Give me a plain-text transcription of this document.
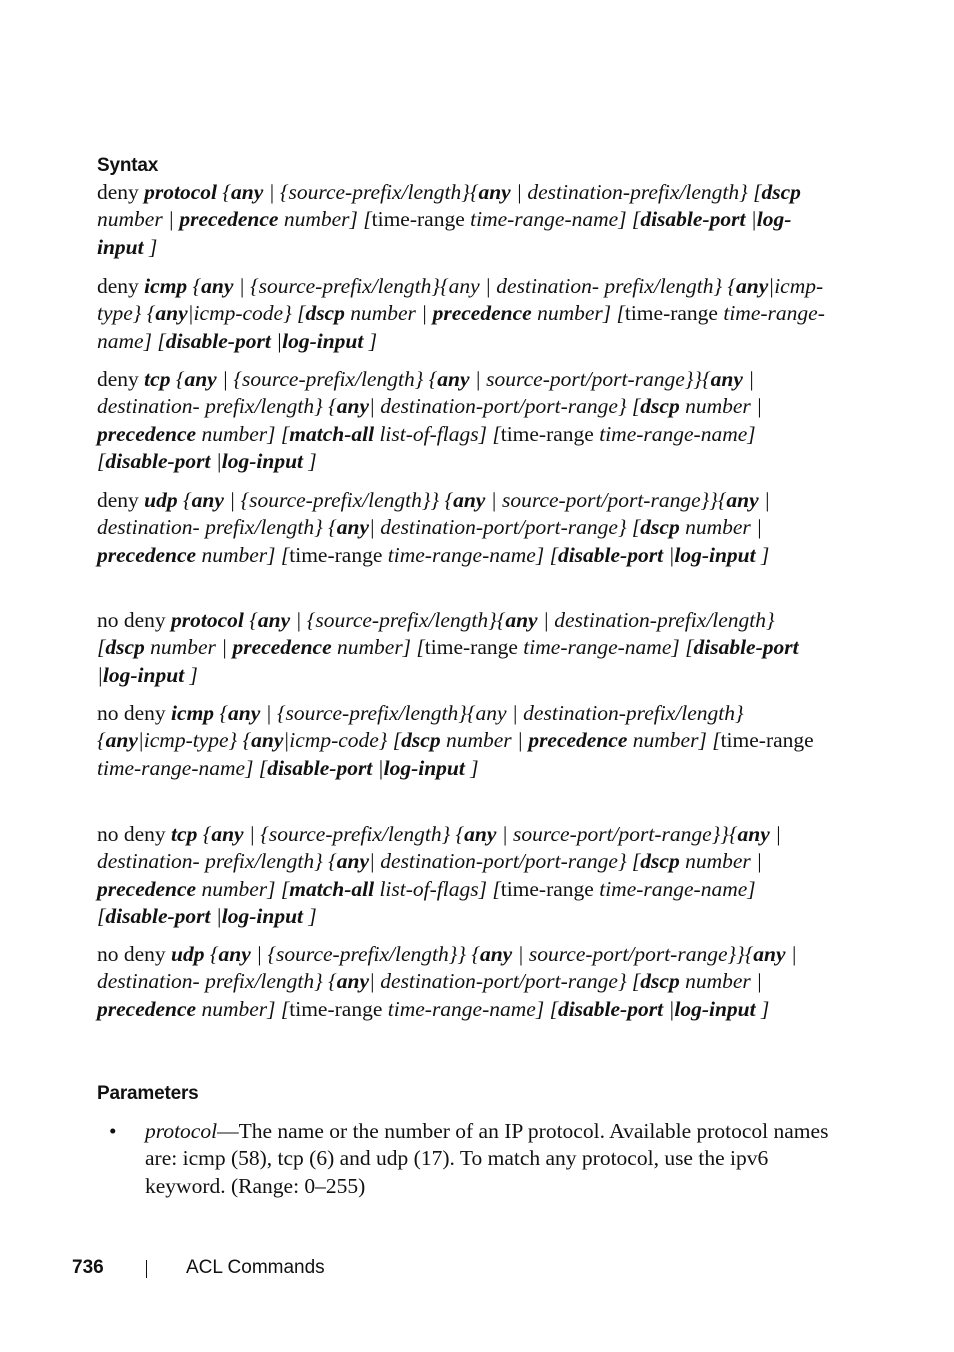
Syntax
deny protocol {any | {source-prefix/length}{any | destination-prefix/length} [dscp number | precedence number] [time-range time-range-name] [disable-port |log-input ]
deny icmp {any | {source-prefix/length}{any | destination- prefix/length} {any|icmp-type} {any|icmp-code} [dscp number | precedence number] [time-range time-range-name] [disable-port |log-input ]
deny tcp {any | {source-prefix/length} {any | source-port/port-range}}{any | destination- prefix/length} {any| destination-port/port-range} [dscp number | precedence number] [match-all list-of-flags] [time-range time-range-name] [disable-port |log-input ]
deny udp {any | {source-prefix/length}} {any | source-port/port-range}}{any | destination- prefix/length} {any| destination-port/port-range} [dscp number | precedence number] [time-range time-range-name] [disable-port |log-input ]
no deny protocol {any | {source-prefix/length}{any | destination-prefix/length} [dscp number | precedence number] [time-range time-range-name] [disable-port |log-input ]
no deny icmp {any | {source-prefix/length}{any | destination-prefix/length} {any|icmp-type} {any|icmp-code} [dscp number | precedence number] [time-range time-range-name] [disable-port |log-input ]
no deny tcp {any | {source-prefix/length} {any | source-port/port-range}}{any | destination- prefix/length} {any| destination-port/port-range} [dscp number | precedence number] [match-all list-of-flags] [time-range time-range-name] [disable-port |log-input ]
no deny udp {any | {source-prefix/length}} {any | source-port/port-range}}{any | destination- prefix/length} {any| destination-port/port-range} [dscp number | precedence number] [time-range time-range-name] [disable-port |log-input ]
Parameters
• protocol—The name or the number of an IP protocol. Available protocol names are: icmp (58), tcp (6) and udp (17). To match any protocol, use the ipv6 keyword. (Range: 0–255)
736	ACL Commands
